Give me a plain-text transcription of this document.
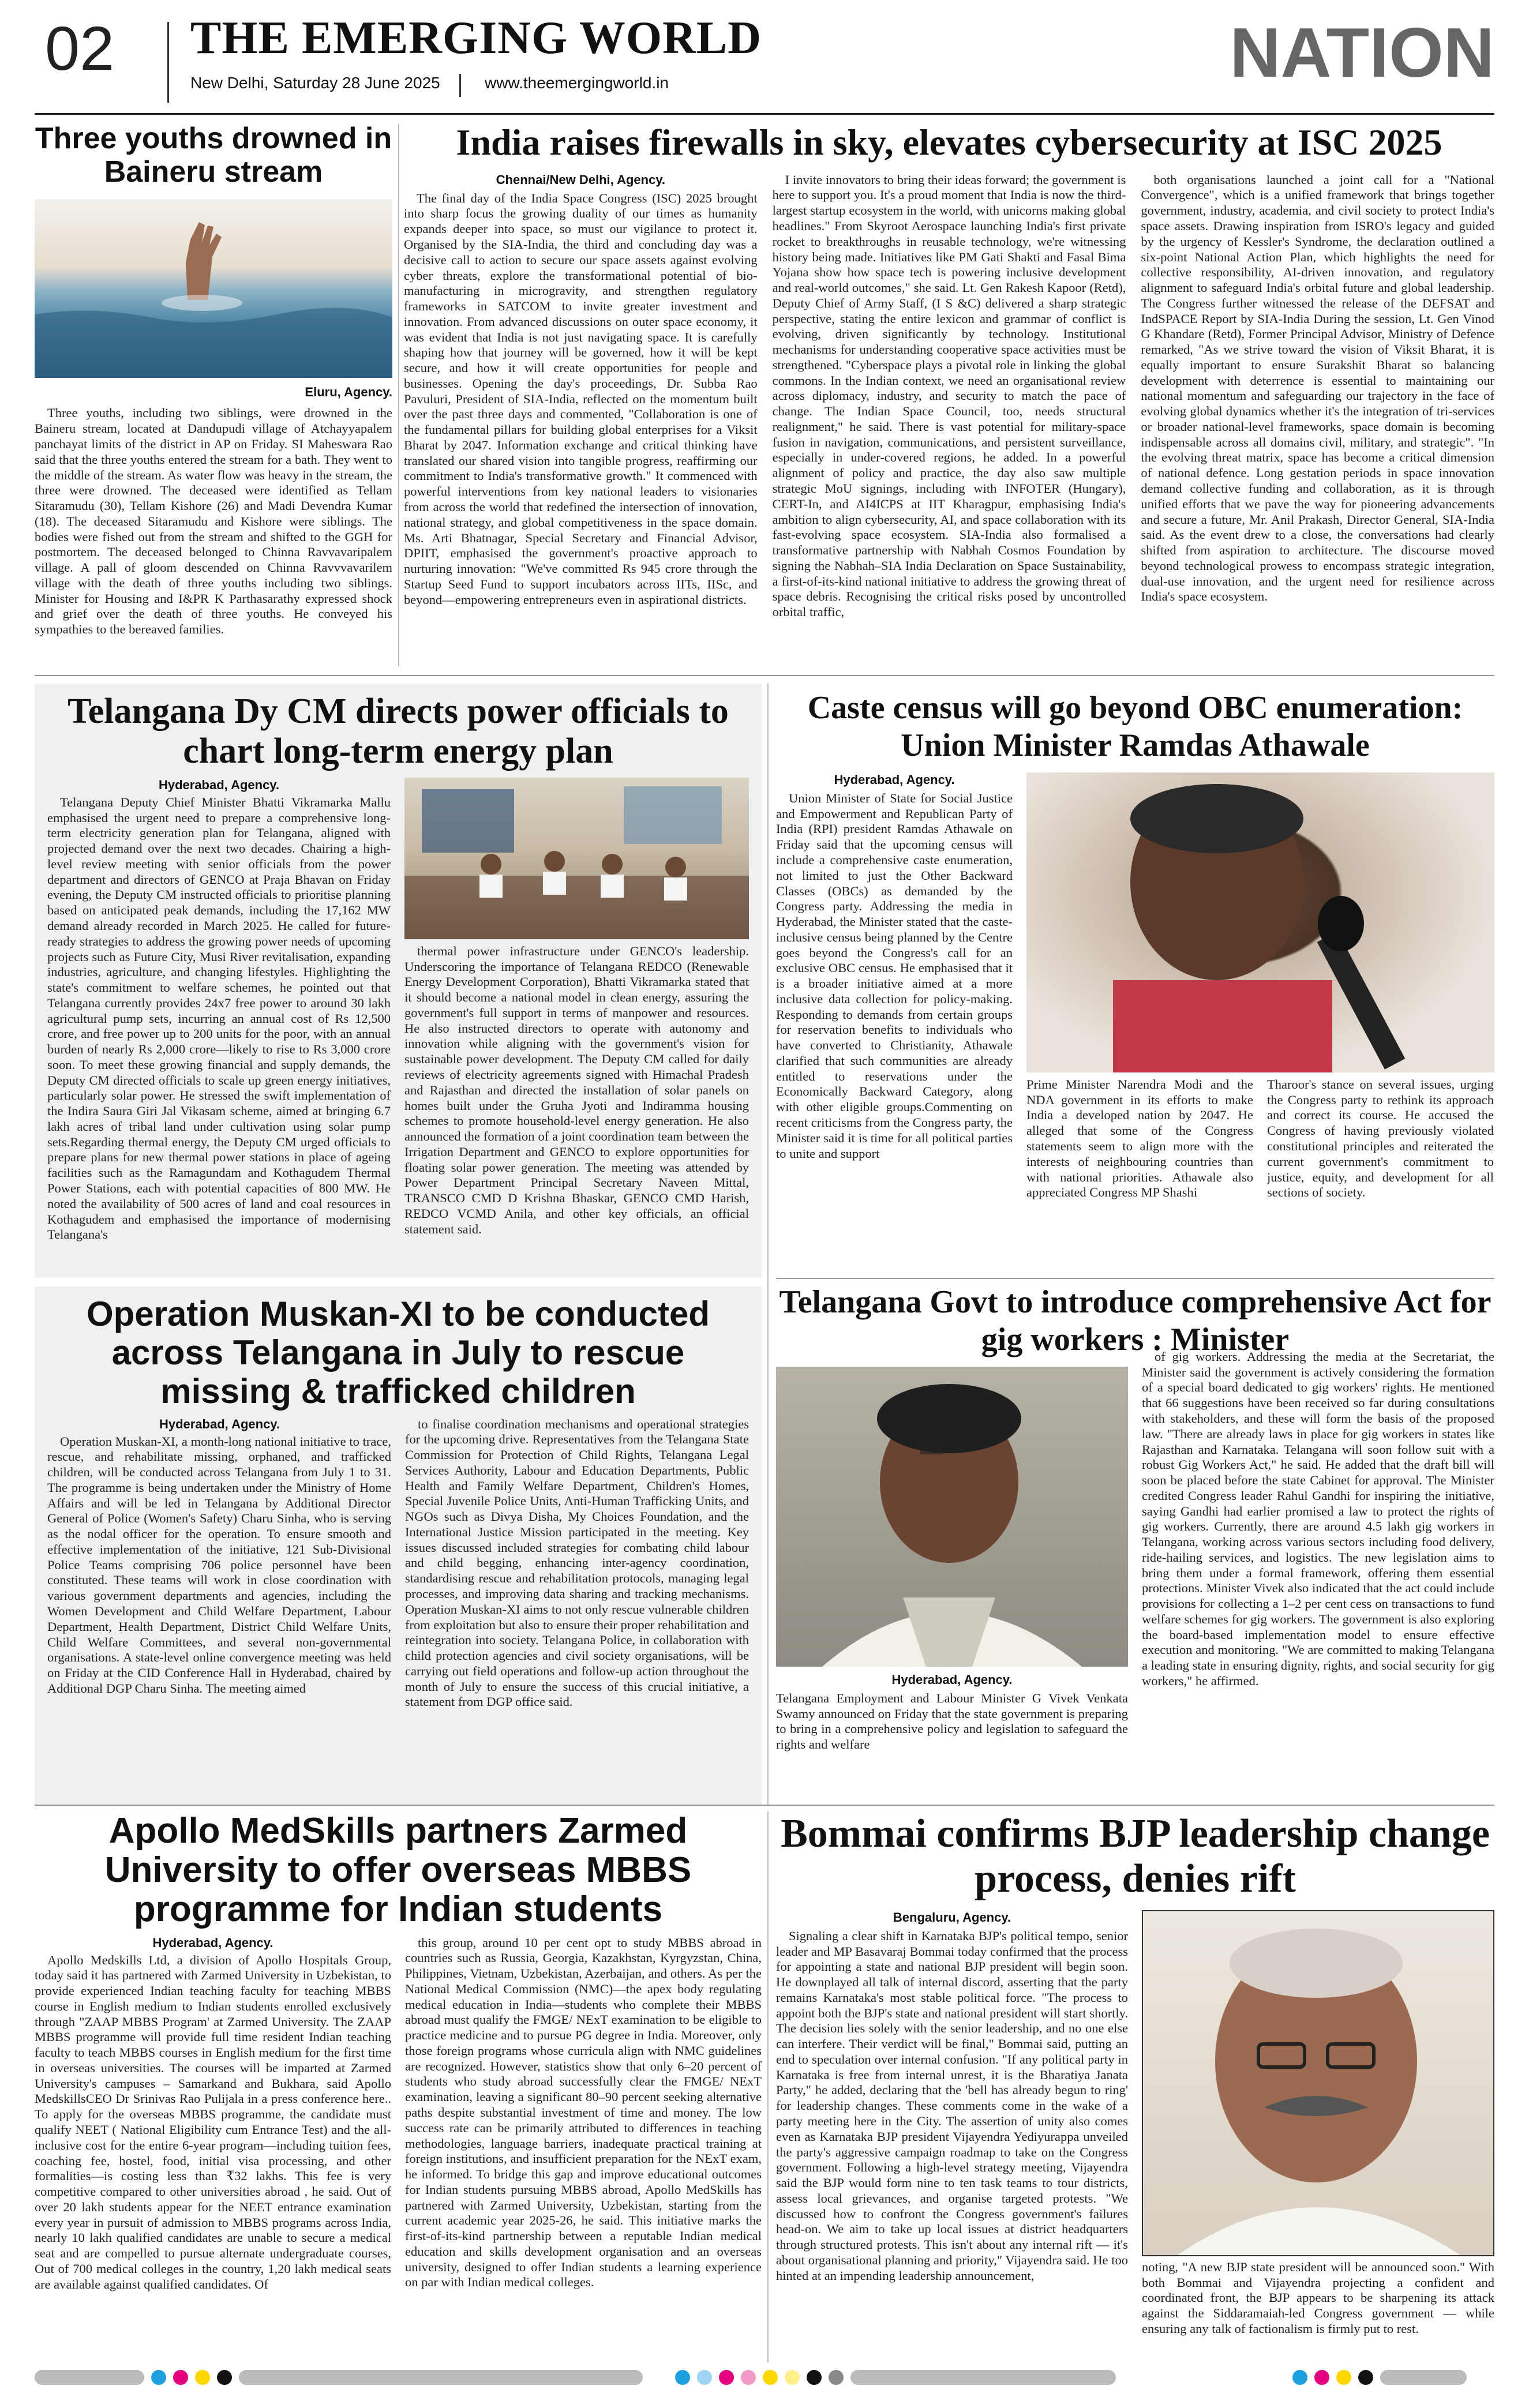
02 THE EMERGING WORLD
New Delhi, Saturday 28 June 2025	www.theemergingworld.in	NATION
Three youths drowned in Baineru stream
Eluru, Agency.

Three youths, including two siblings, were drowned in the Baineru stream, located at Dandupudi village of Atchayyapalem panchayat limits of the district in AP on Friday. SI Maheswara Rao said that the three youths entered the stream for a bath. They went to the middle of the stream. As water flow was heavy in the stream, the three were drowned. The deceased were identified as Tellam Sitaramudu (30), Tellam Kishore (26) and Madi Devendra Kumar (18). The deceased Sitaramudu and Kishore were siblings. The bodies were fished out from the stream and shifted to the GGH for postmortem. The deceased belonged to Chinna Ravvavaripalem village. A pall of gloom descended on Chinna Ravvvavarilem village with the death of three youths including two siblings. Minister for Housing and I&PR K Parthasarathy expressed shock and grief over the death of three youths. He conveyed his sympathies to the bereaved families.

India raises firewalls in sky, elevates cybersecurity at ISC 2025
Chennai/New Delhi, Agency.

The final day of the India Space Congress (ISC) 2025 brought into sharp focus the growing duality of our times as humanity expands deeper into space, so must our vigilance to protect it. Organised by the SIA-India, the third and concluding day was a decisive call to action to secure our space assets against evolving cyber threats, explore the transformational potential of bio-manufacturing in microgravity, and strengthen regulatory frameworks in SATCOM to invite greater investment and innovation. From advanced discussions on outer space economy, it was evident that India is not just navigating space. It is carefully shaping how that journey will be governed, how it will be kept secure, and how it will create opportunities for people and businesses. Opening the day's proceedings, Dr. Subba Rao Pavuluri, President of SIA-India, reflected on the momentum built over the past three days and commented, "Collaboration is one of the fundamental pillars for building global enterprises for a Viksit Bharat by 2047. Information exchange and critical thinking have translated our shared vision into tangible progress, reaffirming our commitment to India's transformative growth." It commenced with powerful interventions from key national leaders to visionaries from across the world that redefined the intersection of innovation, national strategy, and global competitiveness in the space domain. Ms. Arti Bhatnagar, Special Secretary and Financial Advisor, DPIIT, emphasised the government's proactive approach to nurturing innovation: "We've committed Rs 945 crore through the Startup Seed Fund to support incubators across IITs, IISc, and beyond—empowering entrepreneurs even in aspirational districts.

I invite innovators to bring their ideas forward; the government is here to support you. It's a proud moment that India is now the third-largest startup ecosystem in the world, with unicorns making global headlines." From Skyroot Aerospace launching India's first private rocket to breakthroughs in reusable technology, we're witnessing history being made. Initiatives like PM Gati Shakti and Fasal Bima Yojana show how space tech is powering inclusive development and real-world outcomes," she said. Lt. Gen Rakesh Kapoor (Retd), Deputy Chief of Army Staff, (I S &C) delivered a sharp strategic perspective, stating the entire lexicon and grammar of conflict is evolving, driven significantly by technology. Institutional mechanisms for understanding cooperative space activities must be strengthened. "Cyberspace plays a pivotal role in linking the global commons. In the Indian context, we need an organisational review across diplomacy, industry, and security to match the pace of change. The Indian Space Council, too, needs structural realignment," he said. There is vast potential for military-space fusion in navigation, communications, and persistent surveillance, especially in under-covered regions, he added. In a powerful alignment of policy and practice, the day also saw multiple strategic MoU signings, including with INFOTER (Hungary), CERT-In, and AI4ICPS at IIT Kharagpur, emphasising India's ambition to align cybersecurity, AI, and space collaboration with its fast-evolving space ecosystem. SIA-India also formalised a transformative partnership with Nabhah Cosmos Foundation by signing the Nabhah–SIA India Declaration on Space Sustainability, a first-of-its-kind national initiative to address the growing threat of space debris. Recognising the critical risks posed by uncontrolled orbital traffic,

both organisations launched a joint call for a "National Convergence", which is a unified framework that brings together government, industry, academia, and civil society to protect India's space assets. Drawing inspiration from ISRO's legacy and guided by the urgency of Kessler's Syndrome, the declaration outlined a six-point National Action Plan, which highlights the need for collective responsibility, AI-driven innovation, and regulatory alignment to safeguard India's orbital future and global leadership. The Congress further witnessed the release of the DEFSAT and IndSPACE Report by SIA-India During the session, Lt. Gen Vinod G Khandare (Retd), Former Principal Advisor, Ministry of Defence remarked, "As we strive toward the vision of Viksit Bharat, it is equally important to ensure Surakshit Bharat so balancing development with deterrence is essential to maintaining our national momentum and safeguarding our trajectory in the face of evolving global dynamics whether it's the integration of tri-services or broader national-level frameworks, space domain is becoming indispensable across all domains civil, military, and strategic". "In the evolving threat matrix, space has become a critical dimension of national defence. Long gestation periods in space innovation demand collective funding and collaboration, as it is through unified efforts that we pave the way for pioneering advancements and secure a future, Mr. Anil Prakash, Director General, SIA-India said. As the event drew to a close, the conversations had clearly shifted from aspiration to architecture. The discourse moved beyond technological prowess to encompass strategic integration, dual-use innovation, and the urgent need for resilience across India's space ecosystem.

Telangana Dy CM directs power officials to chart long-term energy plan
Hyderabad, Agency.

Telangana Deputy Chief Minister Bhatti Vikramarka Mallu emphasised the urgent need to prepare a comprehensive long-term electricity generation plan for Telangana, aligned with projected demand over the next two decades. Chairing a high-level review meeting with senior officials from the power department and directors of GENCO at Praja Bhavan on Friday evening, the Deputy CM instructed officials to prioritise planning based on anticipated peak demands, including the 17,162 MW demand already recorded in March 2025. He called for future-ready strategies to address the growing power needs of upcoming projects such as Future City, Musi River revitalisation, expanding industries, agriculture, and changing lifestyles. Highlighting the state's commitment to welfare schemes, he pointed out that Telangana currently provides 24x7 free power to around 30 lakh agricultural pump sets, incurring an annual cost of Rs 12,500 crore, and free power up to 200 units for the poor, with an annual burden of nearly Rs 2,000 crore—likely to rise to Rs 3,000 crore soon. To meet these growing financial and supply demands, the Deputy CM directed officials to scale up green energy initiatives, particularly solar power. He stressed the swift implementation of the Indira Saura Giri Jal Vikasam scheme, aimed at bringing 6.7 lakh acres of tribal land under cultivation using solar pump sets.Regarding thermal energy, the Deputy CM urged officials to prepare plans for new thermal power stations in place of ageing facilities such as the Ramagundam and Kothagudem Thermal Power Stations, each with potential capacities of 800 MW. He noted the availability of 500 acres of land and coal resources in Kothagudem and emphasised the importance of modernising Telangana's

thermal power infrastructure under GENCO's leadership. Underscoring the importance of Telangana REDCO (Renewable Energy Development Corporation), Bhatti Vikramarka stated that it should become a national model in clean energy, assuring the government's full support in terms of manpower and resources. He also instructed directors to operate with autonomy and innovation while aligning with the government's vision for sustainable power development. The Deputy CM called for daily reviews of electricity agreements signed with Himachal Pradesh and Rajasthan and directed the installation of solar panels on homes built under the Gruha Jyoti and Indiramma housing schemes to promote household-level energy generation. He also announced the formation of a joint coordination team between the Irrigation Department and GENCO to explore opportunities for floating solar power generation. The meeting was attended by Power Department Principal Secretary Naveen Mittal, TRANSCO CMD D Krishna Bhaskar, GENCO CMD Harish, REDCO VCMD Anila, and other key officials, an official statement said.

Operation Muskan-XI to be conducted across Telangana in July to rescue missing & trafficked children
Hyderabad, Agency.

Operation Muskan-XI, a month-long national initiative to trace, rescue, and rehabilitate missing, orphaned, and trafficked children, will be conducted across Telangana from July 1 to 31. The programme is being undertaken under the Ministry of Home Affairs and will be led in Telangana by Additional Director General of Police (Women's Safety) Charu Sinha, who is serving as the nodal officer for the operation. To ensure smooth and effective implementation of the initiative, 121 Sub-Divisional Police Teams comprising 706 police personnel have been constituted. These teams will work in close coordination with various government departments and agencies, including the Women Development and Child Welfare Department, Labour Department, Health Department, District Child Welfare Units, Child Welfare Committees, and several non-governmental organisations. A state-level online convergence meeting was held on Friday at the CID Conference Hall in Hyderabad, chaired by Additional DGP Charu Sinha. The meeting aimed

to finalise coordination mechanisms and operational strategies for the upcoming drive. Representatives from the Telangana State Commission for Protection of Child Rights, Telangana Legal Services Authority, Labour and Education Departments, Public Health and Family Welfare Department, Children's Homes, Special Juvenile Police Units, Anti-Human Trafficking Units, and NGOs such as Divya Disha, My Choices Foundation, and the International Justice Mission participated in the meeting. Key issues discussed included strategies for combating child labour and child begging, enhancing inter-agency coordination, standardising rescue and rehabilitation protocols, managing legal processes, and improving data sharing and tracking mechanisms. Operation Muskan-XI aims to not only rescue vulnerable children from exploitation but also to ensure their proper rehabilitation and reintegration into society. Telangana Police, in collaboration with child protection agencies and civil society organisations, will be carrying out field operations and follow-up action throughout the month of July to ensure the success of this crucial initiative, a statement from DGP office said.

Caste census will go beyond OBC enumeration: Union Minister Ramdas Athawale
Hyderabad, Agency.

Union Minister of State for Social Justice and Empowerment and Republican Party of India (RPI) president Ramdas Athawale on Friday said that the upcoming census will include a comprehensive caste enumeration, not limited to just the Other Backward Classes (OBCs) as demanded by the Congress party. Addressing the media in Hyderabad, the Minister stated that the caste-inclusive census being planned by the Centre goes beyond the Congress's call for an exclusive OBC census. He emphasised that it is a broader initiative aimed at a more inclusive data collection for policy-making. Responding to demands from certain groups for reservation benefits to individuals who have converted to Christianity, Athawale clarified that such communities are already entitled to reservations under the Economically Backward Category, along with other eligible groups.Commenting on recent criticisms from the Congress party, the Minister said it is time for all political parties to unite and support

Prime Minister Narendra Modi and the NDA government in its efforts to make India a developed nation by 2047. He alleged that some of the Congress statements seem to align more with the interests of neighbouring countries than with national priorities. Athawale also appreciated Congress MP Shashi

Tharoor's stance on several issues, urging the Congress party to rethink its approach and correct its course. He accused the Congress of having previously violated constitutional principles and reiterated the current government's commitment to justice, equity, and development for all sections of society.

Telangana Govt to introduce comprehensive Act for gig workers : Minister
Hyderabad, Agency.

Telangana Employment and Labour Minister G Vivek Venkata Swamy announced on Friday that the state government is preparing to bring in a comprehensive policy and legislation to safeguard the rights and welfare

of gig workers. Addressing the media at the Secretariat, the Minister said the government is actively considering the formation of a special board dedicated to gig workers' rights. He mentioned that 66 suggestions have been received so far during consultations with stakeholders, and these will form the basis of the proposed law. "There are already laws in place for gig workers in states like Rajasthan and Karnataka. Telangana will soon follow suit with a robust Gig Workers Act," he said. He added that the draft bill will soon be placed before the state Cabinet for approval. The Minister credited Congress leader Rahul Gandhi for inspiring the initiative, saying Gandhi had earlier promised a law to protect the rights of gig workers. Currently, there are around 4.5 lakh gig workers in Telangana, working across various sectors including food delivery, ride-hailing services, and logistics. The new legislation aims to bring them under a formal framework, offering them essential protections. Minister Vivek also indicated that the act could include provisions for collecting a 1–2 per cent cess on transactions to fund welfare schemes for gig workers. The government is also exploring the board-based implementation model to ensure effective execution and monitoring. "We are committed to making Telangana a leading state in ensuring dignity, rights, and social security for gig workers," he affirmed.

Apollo MedSkills partners Zarmed University to offer overseas MBBS programme for Indian students
Hyderabad, Agency.

Apollo Medskills Ltd, a division of Apollo Hospitals Group, today said it has partnered with Zarmed University in Uzbekistan, to provide experienced Indian teaching faculty for teaching MBBS course in English medium to Indian students enrolled exclusively through "ZAAP MBBS Program' at Zarmed University. The ZAAP MBBS programme will provide full time resident Indian teaching faculty to teach MBBS courses in English medium for the first time in overseas universities. The courses will be imparted at Zarmed University's campuses – Samarkand and Bukhara, said Apollo MedskillsCEO Dr Srinivas Rao Pulijala in a press conference here.. To apply for the overseas MBBS programme, the candidate must qualify NEET ( National Eligibility cum Entrance Test) and the all-inclusive cost for the entire 6-year program—including tuition fees, coaching fee, hostel, food, initial visa processing, and other formalities—is costing less than ₹32 lakhs. This fee is very competitive compared to other universities abroad , he said. Out of over 20 lakh students appear for the NEET entrance examination every year in pursuit of admission to MBBS programs across India, nearly 10 lakh qualified candidates are unable to secure a medical seat and are compelled to pursue alternate undergraduate courses, Out of 700 medical colleges in the country, 1,20 lakh medical seats are available against qualified candidates. Of

this group, around 10 per cent opt to study MBBS abroad in countries such as Russia, Georgia, Kazakhstan, Kyrgyzstan, China, Philippines, Vietnam, Uzbekistan, Azerbaijan, and others. As per the National Medical Commission (NMC)—the apex body regulating medical education in India—students who complete their MBBS abroad must qualify the FMGE/ NExT examination to be eligible to practice medicine and to pursue PG degree in India. Moreover, only those foreign programs whose curricula align with NMC guidelines are recognized. However, statistics show that only 6–20 percent of students who study abroad successfully clear the FMGE/ NExT examination, leaving a significant 80–90 percent seeking alternative paths despite substantial investment of time and money. The low success rate can be primarily attributed to differences in teaching methodologies, language barriers, inadequate practical training at foreign institutions, and insufficient preparation for the NExT exam, he informed. To bridge this gap and improve educational outcomes for Indian students pursuing MBBS abroad, Apollo MedSkills has partnered with Zarmed University, Uzbekistan, starting from the current academic year 2025-26, he said. This initiative marks the first-of-its-kind partnership between a reputable Indian medical education and skills development organisation and an overseas university, designed to offer Indian students a learning experience on par with Indian medical colleges.

Bommai confirms BJP leadership change process, denies rift
Bengaluru, Agency.

Signaling a clear shift in Karnataka BJP's political tempo, senior leader and MP Basavaraj Bommai today confirmed that the process for appointing a state and national BJP president will begin soon. He downplayed all talk of internal discord, asserting that the party remains Karnataka's most stable political force. "The process to appoint both the BJP's state and national president will start shortly. The decision lies solely with the senior leadership, and no one else can interfere. Their verdict will be final," Bommai said, putting an end to speculation over internal confusion. "If any political party in Karnataka is free from internal unrest, it is the Bharatiya Janata Party," he added, declaring that the 'bell has already begun to ring' for leadership changes. These comments come in the wake of a party meeting here in the City. The assertion of unity also comes even as Karnataka BJP president Vijayendra Yediyurappa unveiled the party's aggressive campaign roadmap to take on the Congress government. Following a high-level strategy meeting, Vijayendra said the BJP would form nine to ten task teams to tour districts, assess local grievances, and organise targeted protests. "We discussed how to confront the Congress government's failures head-on. We aim to take up local issues at district headquarters through structured protests. This isn't about any internal rift — it's about organisational planning and priority," Vijayendra said. He too hinted at an impending leadership announcement,

noting, "A new BJP state president will be announced soon." With both Bommai and Vijayendra projecting a confident and coordinated front, the BJP appears to be sharpening its attack against the Siddaramaiah-led Congress government — while ensuring any talk of factionalism is firmly put to rest.
